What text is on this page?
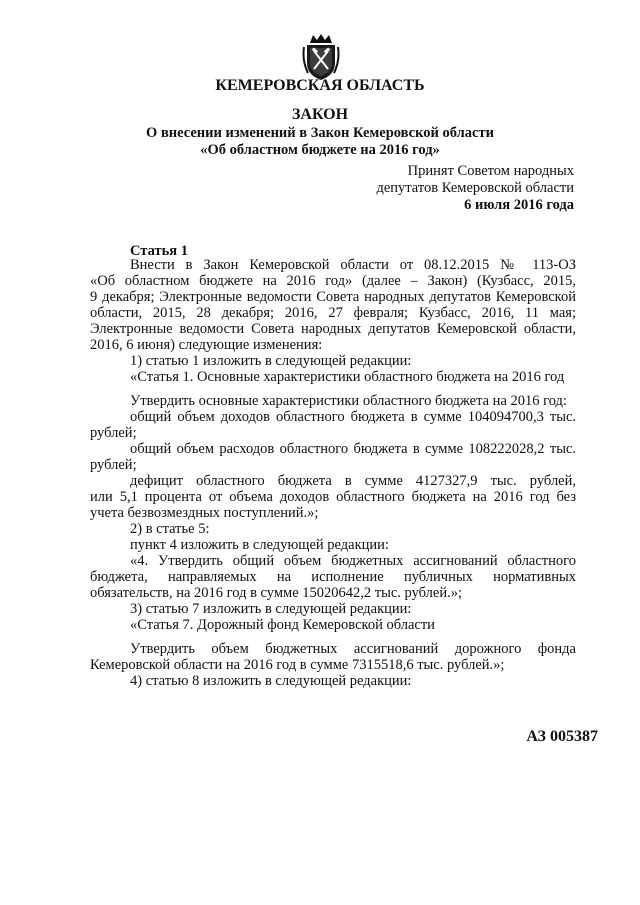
КЕМЕРОВСКАЯ ОБЛАСТЬ
ЗАКОН
О внесении изменений в Закон Кемеровской области
«Об областном бюджете на 2016 год»
Принят Советом народных
депутатов Кемеровской области
6 июля 2016 года
Статья 1
Внести в Закон Кемеровской области от 08.12.2015 № 113-ОЗ
«Об областном бюджете на 2016 год» (далее – Закон) (Кузбасс, 2015,
9 декабря; Электронные ведомости Совета народных депутатов Кемеровской
области, 2015, 28 декабря; 2016, 27 февраля; Кузбасс, 2016, 11 мая;
Электронные ведомости Совета народных депутатов Кемеровской области,
2016, 6 июня) следующие изменения:
1) статью 1 изложить в следующей редакции:
«Статья 1. Основные характеристики областного бюджета на 2016 год
Утвердить основные характеристики областного бюджета на 2016 год:
общий объем доходов областного бюджета в сумме 104094700,3 тыс.
рублей;
общий объем расходов областного бюджета в сумме 108222028,2 тыс.
рублей;
дефицит областного бюджета в сумме 4127327,9 тыс. рублей,
или 5,1 процента от объема доходов областного бюджета на 2016 год без
учета безвозмездных поступлений.»;
2) в статье 5:
пункт 4 изложить в следующей редакции:
«4. Утвердить общий объем бюджетных ассигнований областного
бюджета, направляемых на исполнение публичных нормативных
обязательств, на 2016 год в сумме 15020642,2 тыс. рублей.»;
3) статью 7 изложить в следующей редакции:
«Статья 7. Дорожный фонд Кемеровской области
Утвердить объем бюджетных ассигнований дорожного фонда
Кемеровской области на 2016 год в сумме 7315518,6 тыс. рублей.»;
4) статью 8 изложить в следующей редакции:
АЗ 005387
